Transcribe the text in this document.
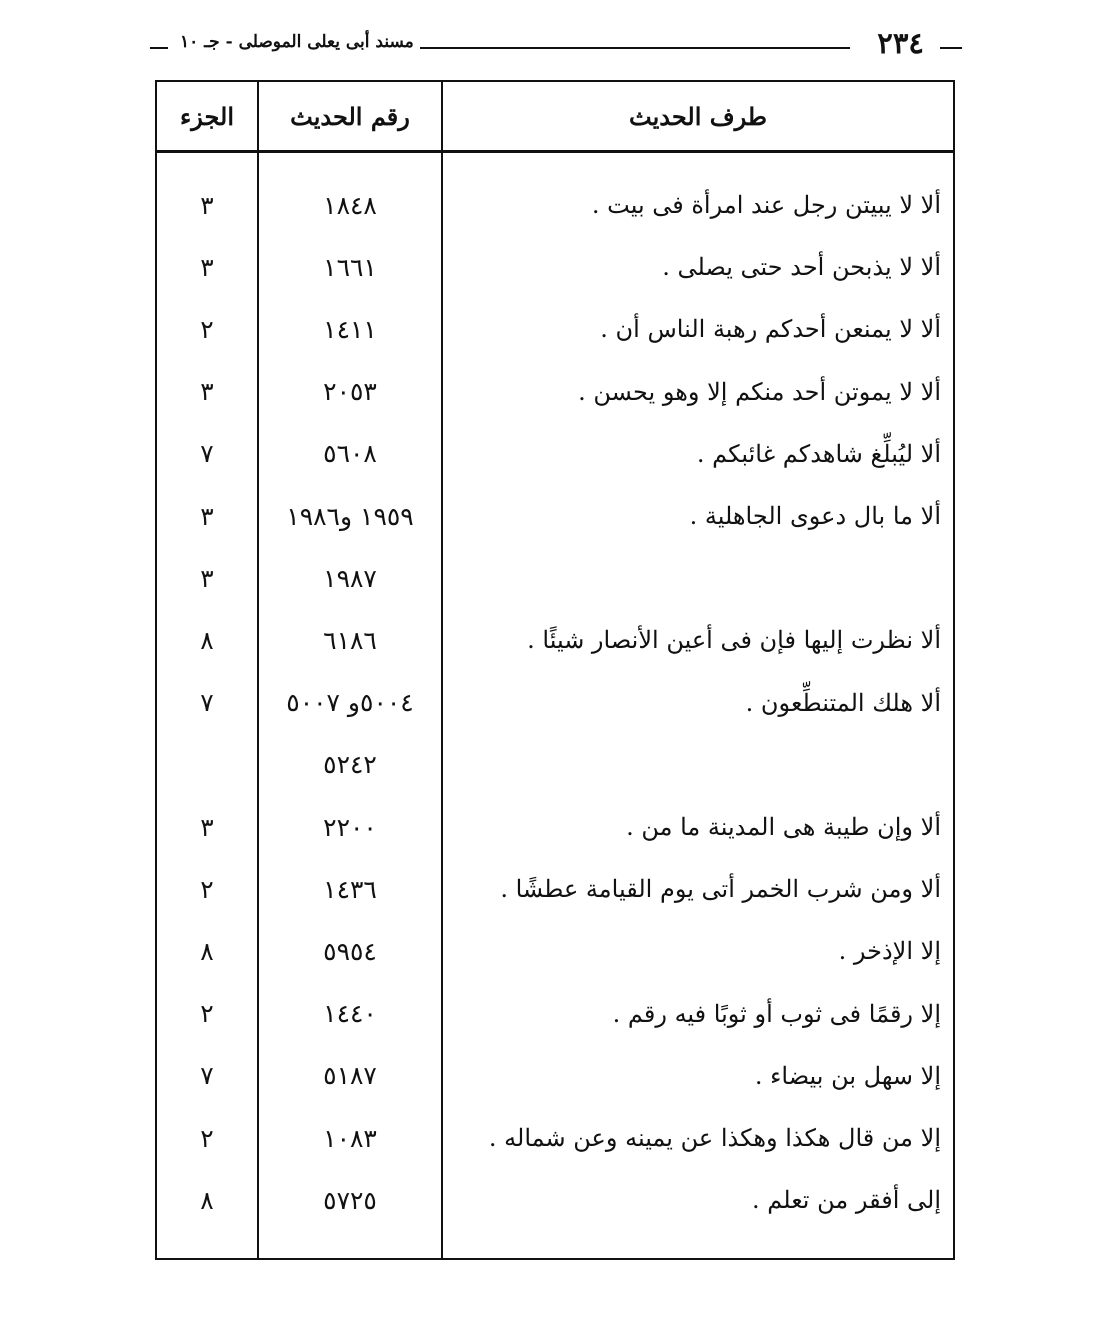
٢٣٤
مسند أبى يعلى الموصلى - جـ ١٠
الجزء	رقم الحديث	طرف الحديث
ألا لا يبيتن رجل عند امرأة فى بيت .
١٨٤٨
٣
ألا لا يذبحن أحد حتى يصلى .
١٦٦١
٣
ألا لا يمنعن أحدكم رهبة الناس أن .
١٤١١
٢
ألا لا يموتن أحد منكم إلا وهو يحسن .
٢٠٥٣
٣
ألا ليُبلِّغ شاهدكم غائبكم .
٥٦٠٨
٧
ألا ما بال دعوى الجاهلية .
١٩٥٩ و١٩٨٦
٣
١٩٨٧
٣
ألا نظرت إليها فإن فى أعين الأنصار شيئًا .
٦١٨٦
٨
ألا هلك المتنطِّعون .
٥٠٠٤و ٥٠٠٧
٧
٥٢٤٢
ألا وإن طيبة هى المدينة ما من .
٢٢٠٠
٣
ألا ومن شرب الخمر أتى يوم القيامة عطشًا .
١٤٣٦
٢
إلا الإذخر .
٥٩٥٤
٨
إلا رقمًا فى ثوب أو ثوبًا فيه رقم .
١٤٤٠
٢
إلا سهل بن بيضاء .
٥١٨٧
٧
إلا من قال هكذا وهكذا عن يمينه وعن شماله .
١٠٨٣
٢
إلى أفقر من تعلم .
٥٧٢٥
٨
